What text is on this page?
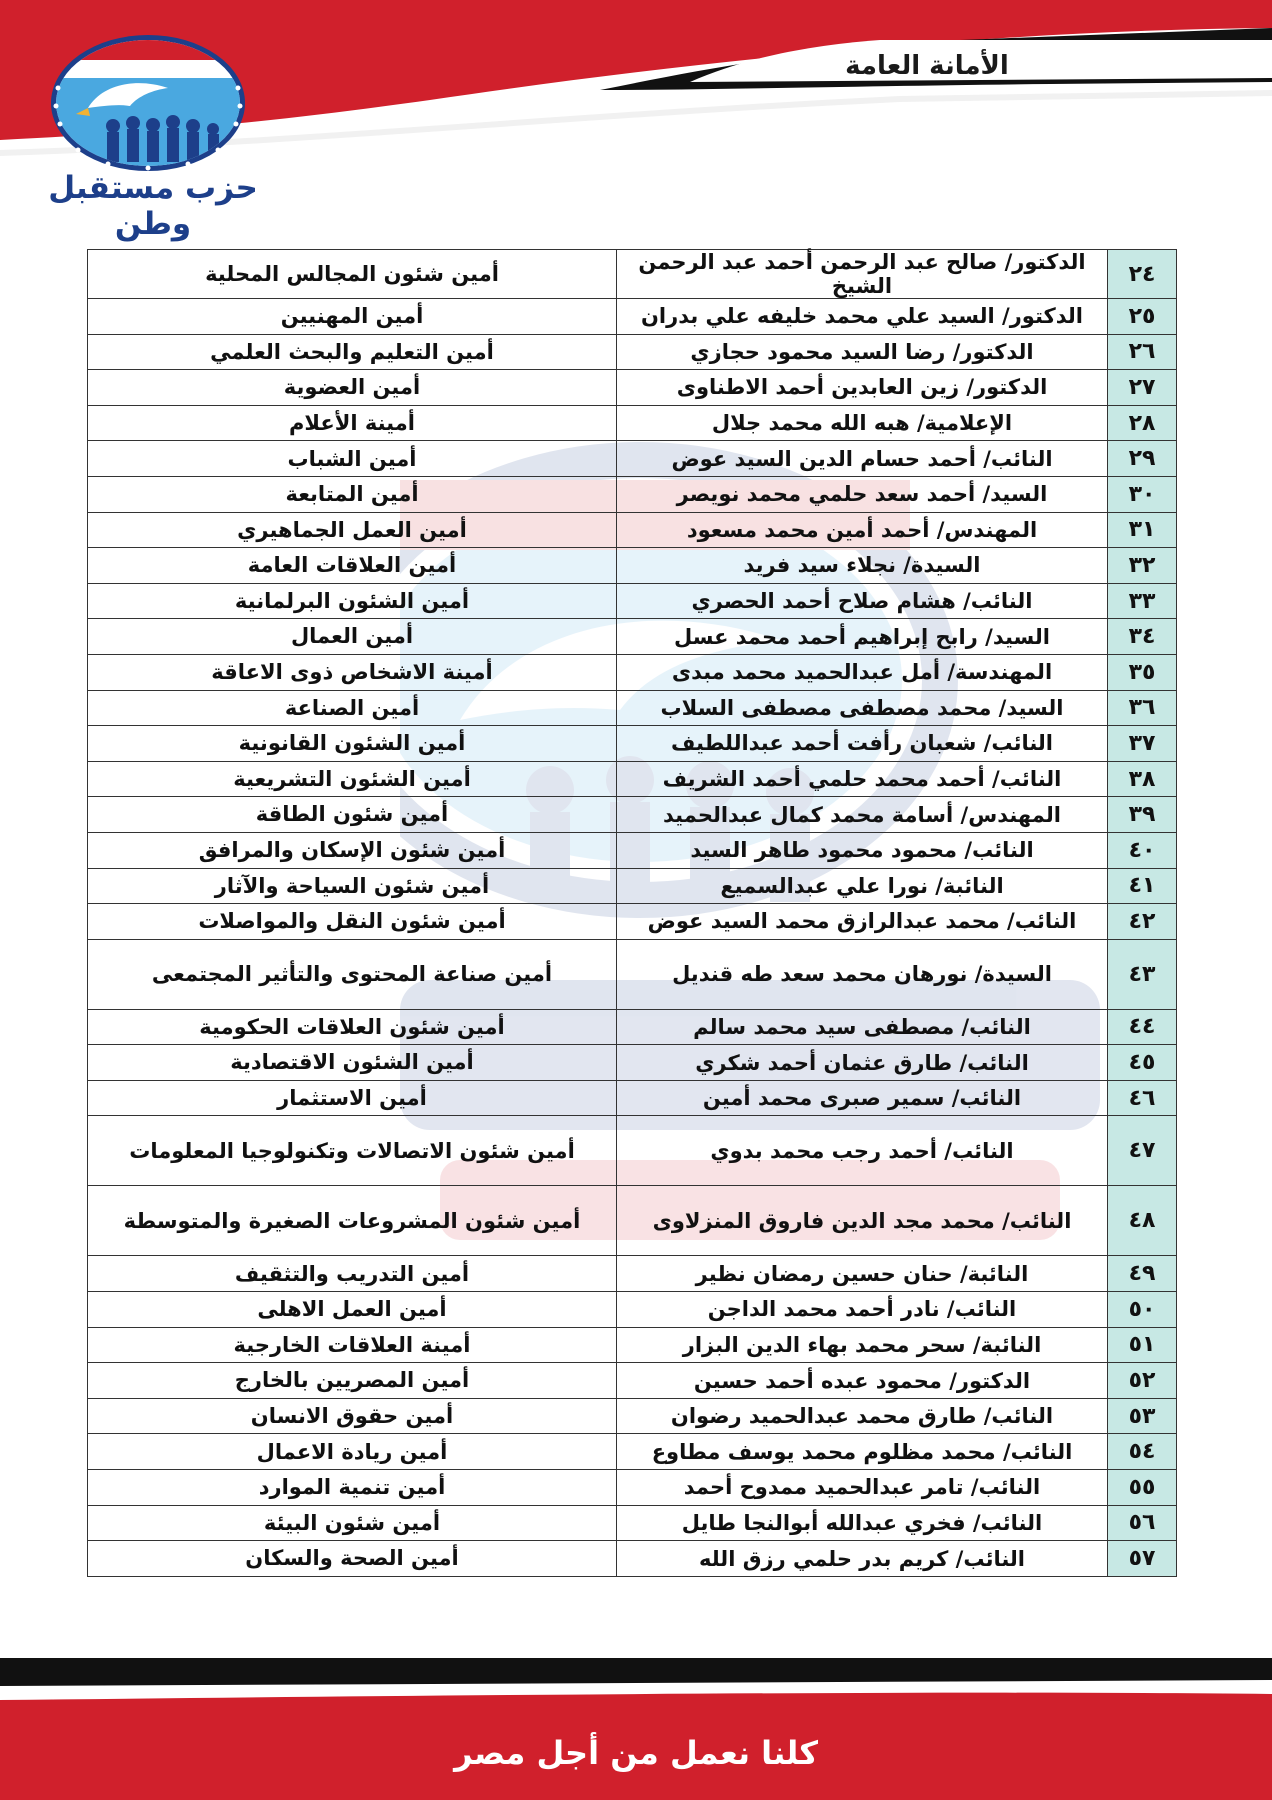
الأمانة العامة
حزب مستقبل وطن
٢٤	الدكتور/ صالح عبد الرحمن أحمد عبد الرحمن الشيخ	أمين شئون المجالس المحلية
٢٥	الدكتور/ السيد علي محمد خليفه علي بدران	أمين المهنيين
٢٦	الدكتور/ رضا السيد محمود حجازي	أمين التعليم والبحث العلمي
٢٧	الدكتور/ زين العابدين أحمد الاطناوى	أمين العضوية
٢٨	الإعلامية/ هبه الله محمد جلال	أمينة الأعلام
٢٩	النائب/ أحمد حسام الدين السيد عوض	أمين الشباب
٣٠	السيد/ أحمد سعد حلمي محمد نويصر	أمين المتابعة
٣١	المهندس/ أحمد أمين محمد مسعود	أمين العمل الجماهيري
٣٢	السيدة/ نجلاء سيد فريد	أمين العلاقات العامة
٣٣	النائب/ هشام صلاح أحمد الحصري	أمين الشئون البرلمانية
٣٤	السيد/ رابح إبراهيم أحمد محمد عسل	أمين العمال
٣٥	المهندسة/ أمل عبدالحميد محمد مبدى	أمينة الاشخاص ذوى الاعاقة
٣٦	السيد/ محمد مصطفى مصطفى السلاب	أمين الصناعة
٣٧	النائب/ شعبان رأفت أحمد عبداللطيف	أمين الشئون القانونية
٣٨	النائب/ أحمد محمد حلمي أحمد الشريف	أمين الشئون التشريعية
٣٩	المهندس/ أسامة محمد كمال عبدالحميد	أمين شئون الطاقة
٤٠	النائب/ محمود محمود طاهر السيد	أمين شئون الإسكان والمرافق
٤١	النائبة/ نورا علي عبدالسميع	أمين شئون السياحة والآثار
٤٢	النائب/ محمد عبدالرازق محمد السيد عوض	أمين شئون النقل والمواصلات
٤٣	السيدة/ نورهان محمد سعد طه قنديل	أمين صناعة المحتوى والتأثير المجتمعى
٤٤	النائب/ مصطفى سيد محمد سالم	أمين شئون العلاقات الحكومية
٤٥	النائب/ طارق عثمان أحمد شكري	أمين الشئون الاقتصادية
٤٦	النائب/ سمير صبرى محمد أمين	أمين الاستثمار
٤٧	النائب/ أحمد رجب محمد بدوي	أمين شئون الاتصالات وتكنولوجيا المعلومات
٤٨	النائب/ محمد مجد الدين فاروق المنزلاوى	أمين شئون المشروعات الصغيرة والمتوسطة
٤٩	النائبة/ حنان حسين رمضان نظير	أمين التدريب والتثقيف
٥٠	النائب/ نادر أحمد محمد الداجن	أمين العمل الاهلى
٥١	النائبة/ سحر محمد بهاء الدين البزار	أمينة العلاقات الخارجية
٥٢	الدكتور/ محمود عبده أحمد حسين	أمين المصريين بالخارج
٥٣	النائب/ طارق محمد عبدالحميد رضوان	أمين حقوق الانسان
٥٤	النائب/ محمد مظلوم محمد يوسف مطاوع	أمين ريادة الاعمال
٥٥	النائب/ تامر عبدالحميد ممدوح أحمد	أمين تنمية الموارد
٥٦	النائب/ فخري عبدالله أبوالنجا طايل	أمين شئون البيئة
٥٧	النائب/ كريم بدر حلمي رزق الله	أمين الصحة والسكان
كلنا نعمل من أجل مصر
